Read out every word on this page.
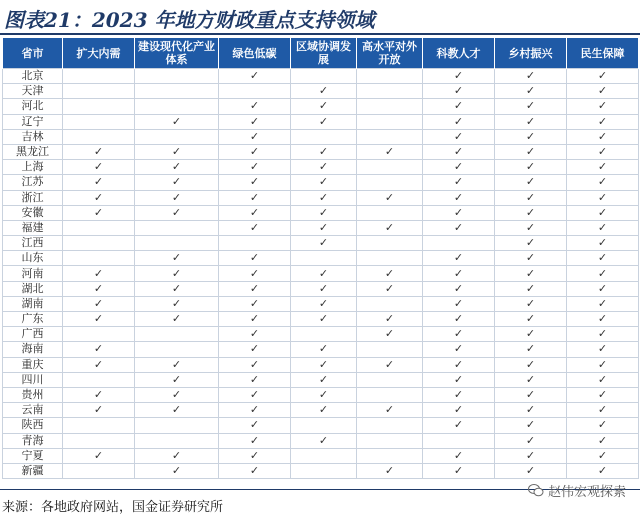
图表21：2023 年地方财政重点支持领域
省市	扩大内需	建设现代化产业体系	绿色低碳	区域协调发展	高水平对外开放	科教人才	乡村振兴	民生保障
北京			✓			✓	✓	✓
天津				✓		✓	✓	✓
河北			✓	✓		✓	✓	✓
辽宁		✓	✓	✓		✓	✓	✓
吉林			✓			✓	✓	✓
黑龙江	✓	✓	✓	✓	✓	✓	✓	✓
上海	✓	✓	✓	✓		✓	✓	✓
江苏	✓	✓	✓	✓		✓	✓	✓
浙江	✓	✓	✓	✓	✓	✓	✓	✓
安徽	✓	✓	✓	✓		✓	✓	✓
福建			✓	✓	✓	✓	✓	✓
江西				✓			✓	✓
山东		✓	✓			✓	✓	✓
河南	✓	✓	✓	✓	✓	✓	✓	✓
湖北	✓	✓	✓	✓	✓	✓	✓	✓
湖南	✓	✓	✓	✓		✓	✓	✓
广东	✓	✓	✓	✓	✓	✓	✓	✓
广西			✓		✓	✓	✓	✓
海南	✓		✓	✓		✓	✓	✓
重庆	✓	✓	✓	✓	✓	✓	✓	✓
四川		✓	✓	✓		✓	✓	✓
贵州	✓	✓	✓	✓		✓	✓	✓
云南	✓	✓	✓	✓	✓	✓	✓	✓
陕西			✓			✓	✓	✓
青海			✓	✓			✓	✓
宁夏	✓	✓	✓			✓	✓	✓
新疆		✓	✓		✓	✓	✓	✓
来源：各地政府网站，国金证券研究所
赵伟宏观探索
